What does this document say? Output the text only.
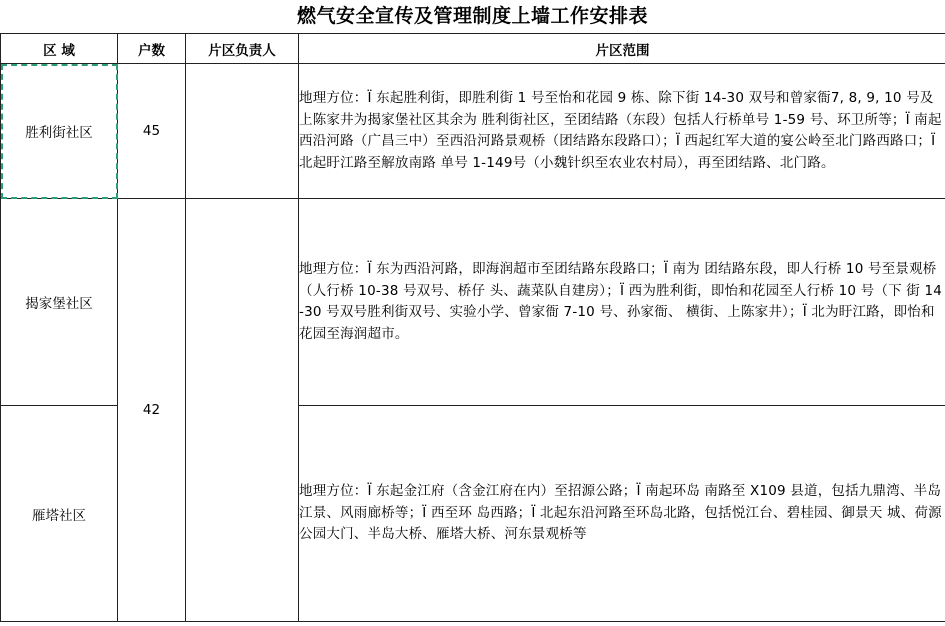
燃气安全宣传及管理制度上墙工作安排表
区 域	户数	片区负责人	片区范围
胜利街社区	45		地理方位：Ï 东起胜利街，即胜利街 1 号至怡和花园 9 栋、除下街 14-30 双号和曾家衙7, 8, 9, 10 号及上陈家井为揭家堡社区其余为 胜利街社区，至团结路（东段）包括人行桥单号 1-59 号、环卫所等；Ï 南起西沿河路（广昌三中）至西沿河路景观桥（团结路东段路口）；Ï 西起红军大道的宴公岭至北门路西路口；Ï 北起盱江路至解放南路 单号 1-149号（小魏针织至农业农村局），再至团结路、北门路。
揭家堡社区	42		地理方位：Ï 东为西沿河路，即海润超市至团结路东段路口；Ï 南为 团结路东段，即人行桥 10 号至景观桥（人行桥 10-38 号双号、桥仔 头、蔬菜队自建房）；Ï 西为胜利街，即怡和花园至人行桥 10 号（下 街 14-30 号双号胜利街双号、实验小学、曾家衙 7-10 号、孙家衙、 横街、上陈家井）；Ï 北为盱江路，即怡和花园至海润超市。
雁塔社区			地理方位：Ï 东起金江府（含金江府在内）至招源公路；Ï 南起环岛 南路至 X109 县道，包括九鼎湾、半岛江景、风雨廊桥等；Ï 西至环 岛西路；Ï 北起东沿河路至环岛北路，包括悦江台、碧桂园、御景天 城、荷源公园大门、半岛大桥、雁塔大桥、河东景观桥等
